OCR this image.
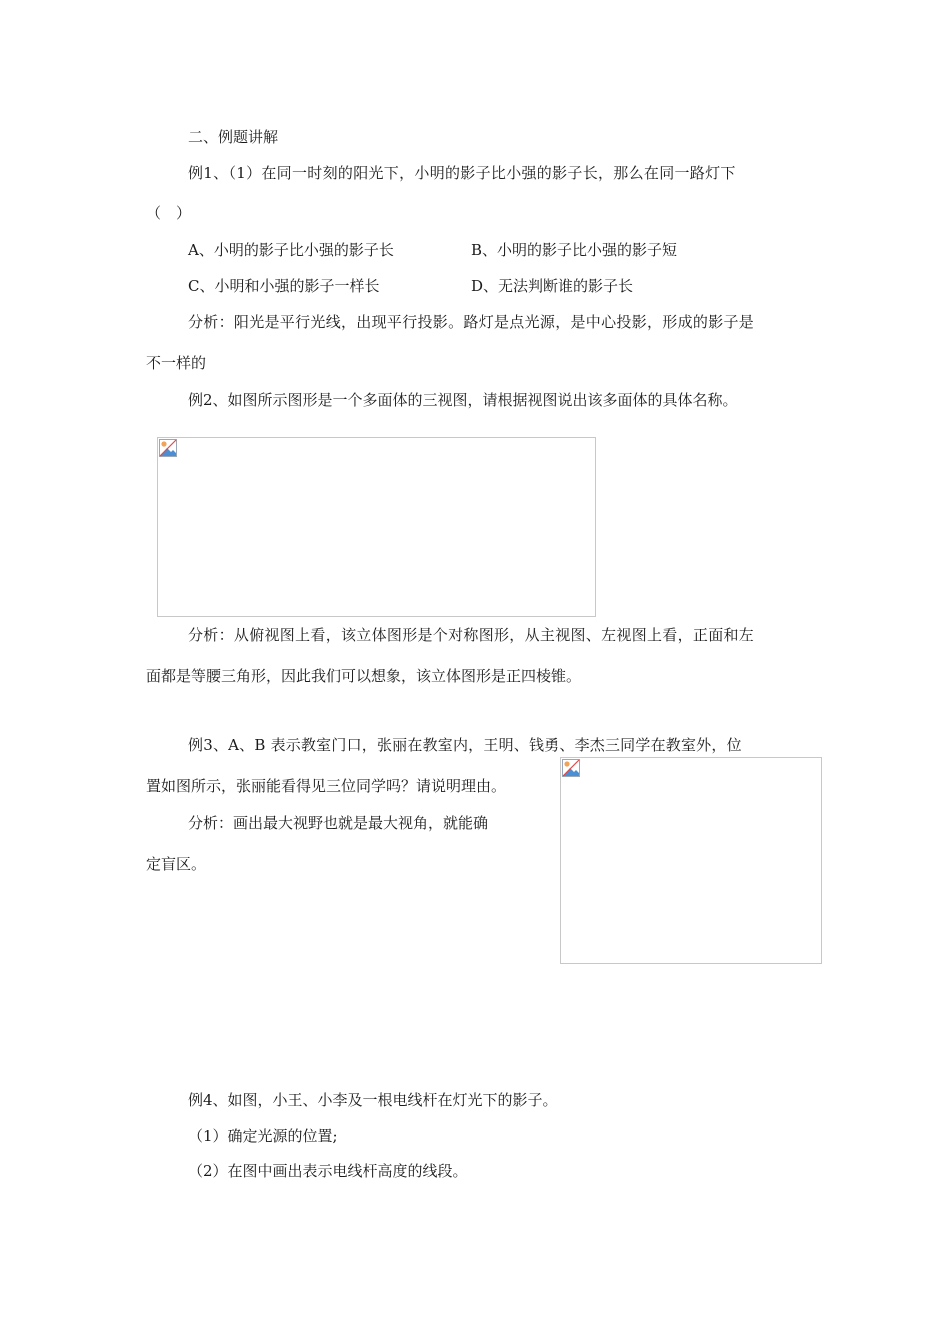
二、例题讲解
例1、（1）在同一时刻的阳光下，小明的影子比小强的影子长，那么在同一路灯下
（　）
A、小明的影子比小强的影子长	B、小明的影子比小强的影子短
C、小明和小强的影子一样长	D、无法判断谁的影子长
分析：阳光是平行光线，出现平行投影。路灯是点光源，是中心投影，形成的影子是
不一样的
例2、如图所示图形是一个多面体的三视图，请根据视图说出该多面体的具体名称。
分析：从俯视图上看，该立体图形是个对称图形，从主视图、左视图上看，正面和左
面都是等腰三角形，因此我们可以想象，该立体图形是正四棱锥。
例3、A、B 表示教室门口，张丽在教室内，王明、钱勇、李杰三同学在教室外，位
置如图所示，张丽能看得见三位同学吗？请说明理由。
分析：画出最大视野也就是最大视角，就能确
定盲区。
例4、如图，小王、小李及一根电线杆在灯光下的影子。
（1）确定光源的位置;
（2）在图中画出表示电线杆高度的线段。
